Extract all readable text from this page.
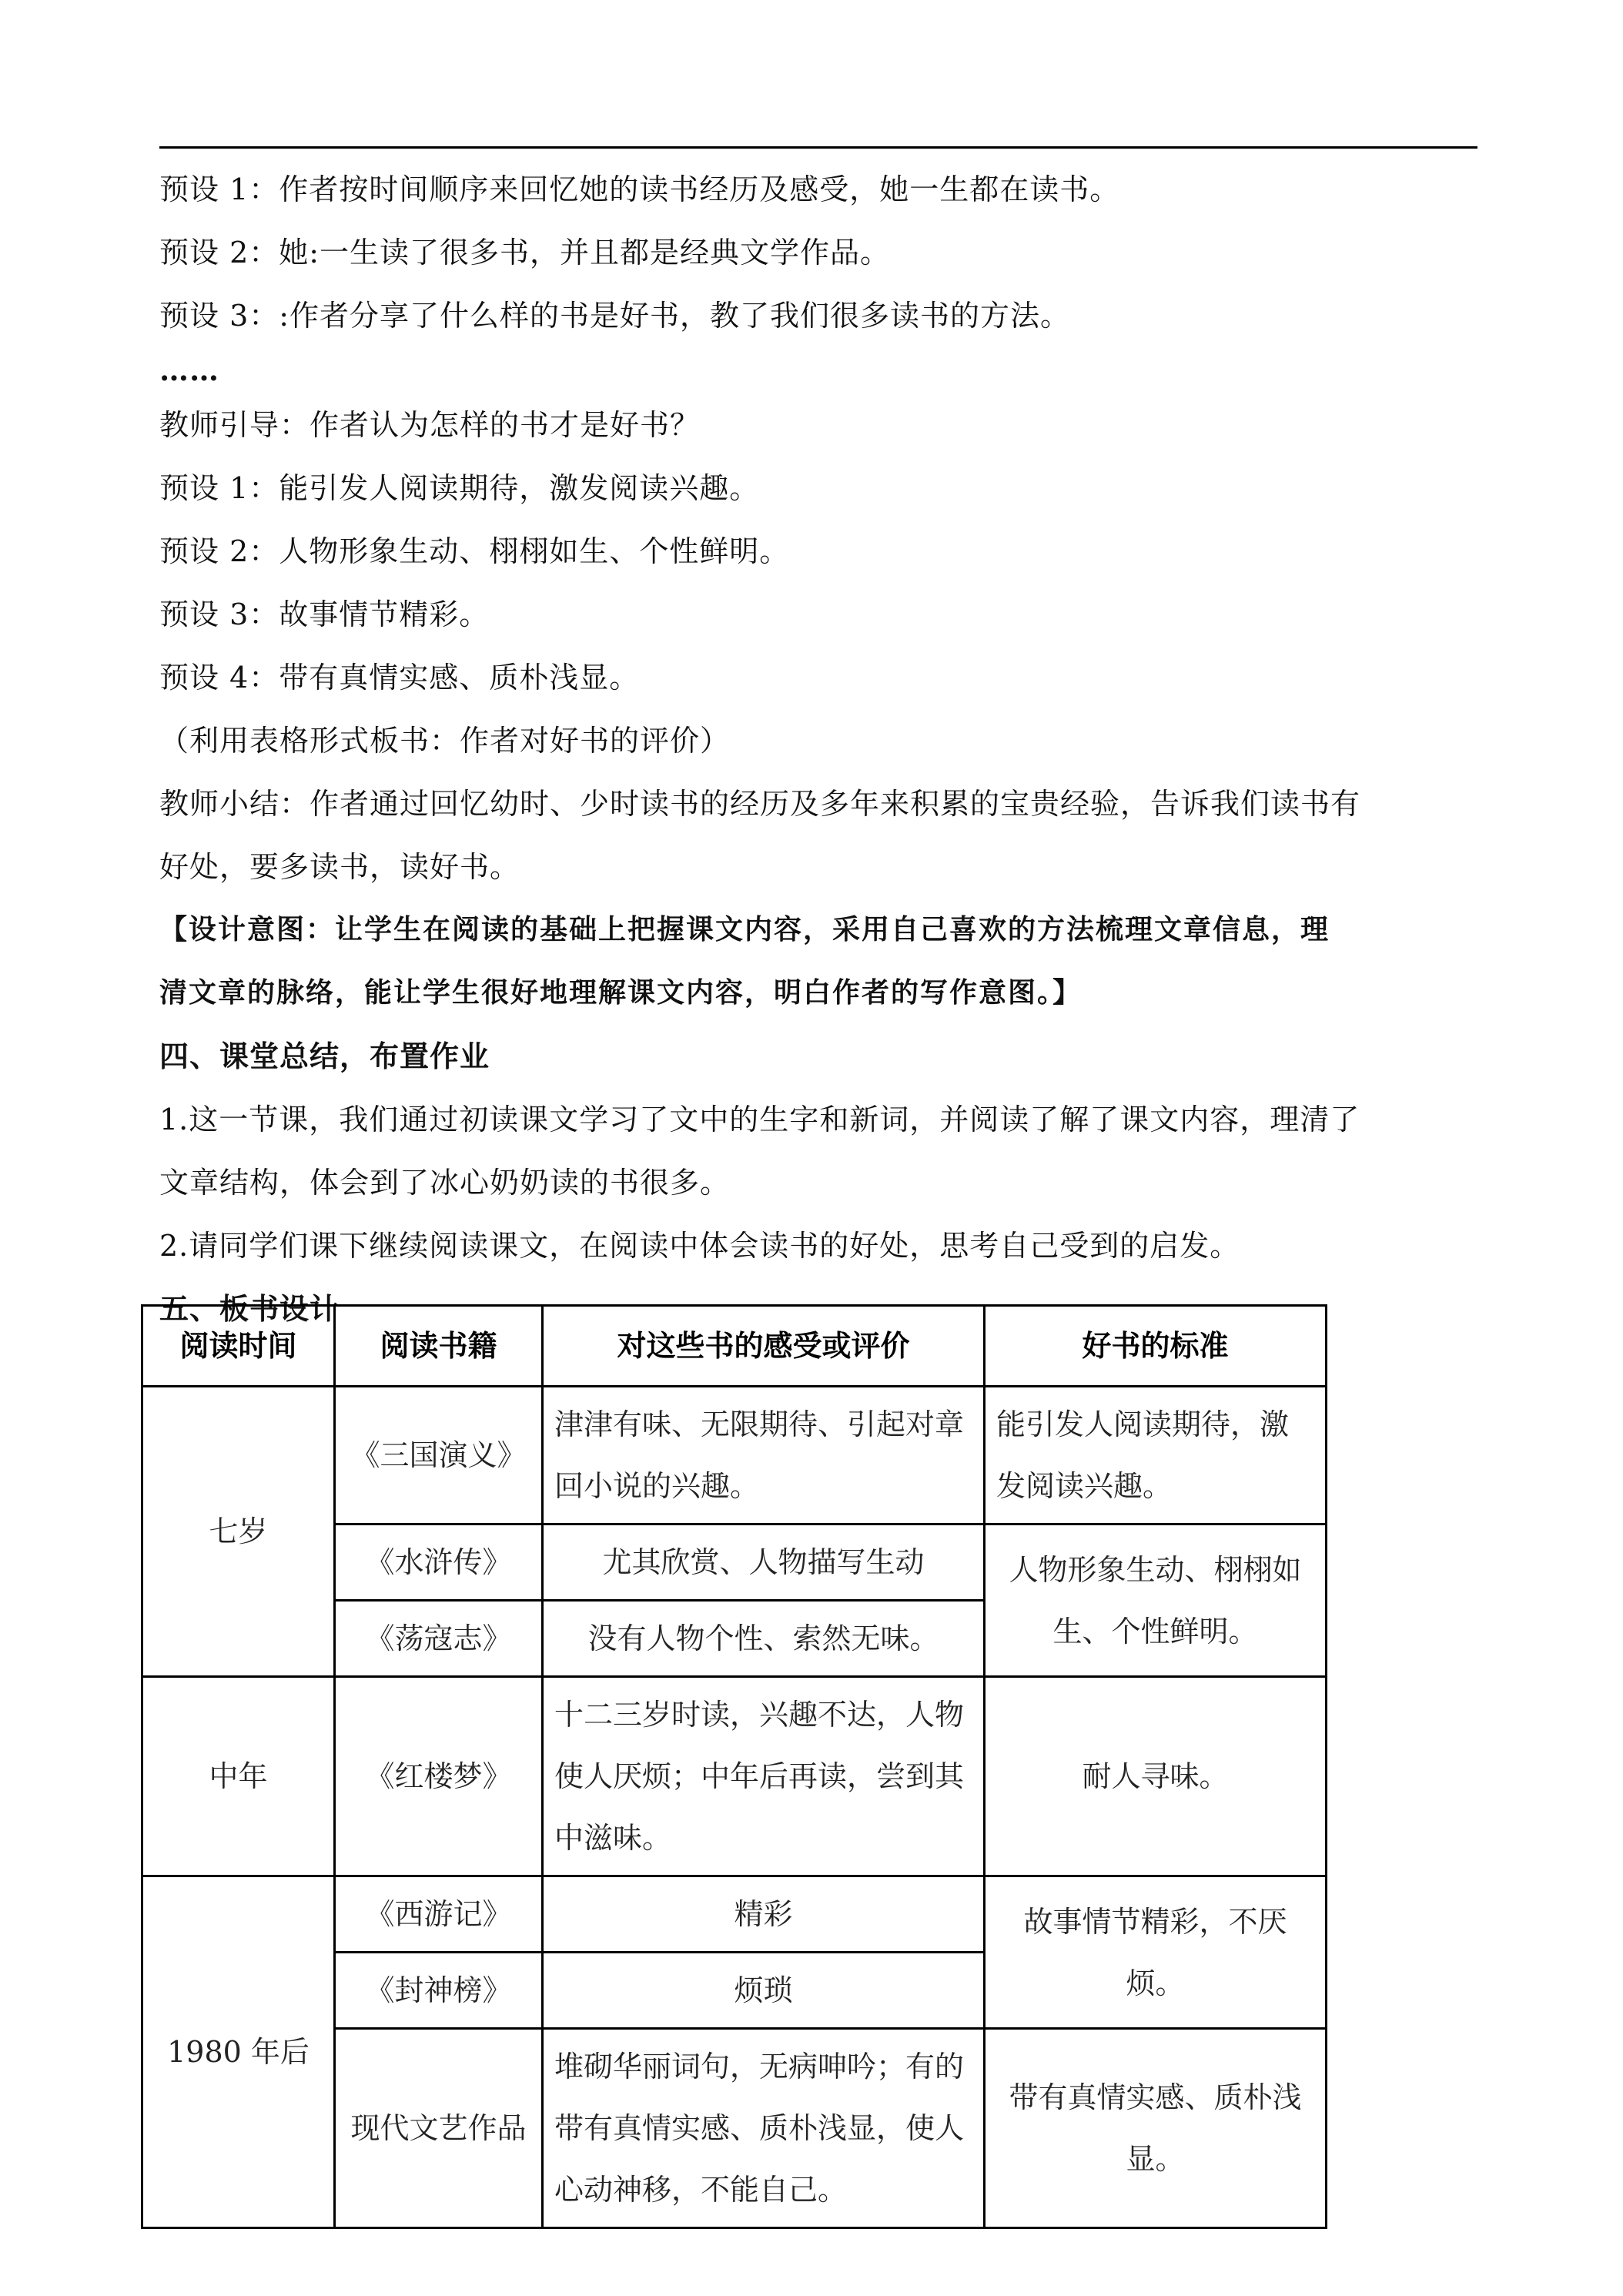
预设 1：作者按时间顺序来回忆她的读书经历及感受，她一生都在读书。
预设 2：她:一生读了很多书，并且都是经典文学作品。
预设 3：:作者分享了什么样的书是好书，教了我们很多读书的方法。
……
教师引导：作者认为怎样的书才是好书？
预设 1：能引发人阅读期待，激发阅读兴趣。
预设 2：人物形象生动、栩栩如生、个性鲜明。
预设 3：故事情节精彩。
预设 4：带有真情实感、质朴浅显。
（利用表格形式板书：作者对好书的评价）
教师小结：作者通过回忆幼时、少时读书的经历及多年来积累的宝贵经验，告诉我们读书有
好处，要多读书，读好书。
【设计意图：让学生在阅读的基础上把握课文内容，采用自己喜欢的方法梳理文章信息，理
清文章的脉络，能让学生很好地理解课文内容，明白作者的写作意图。】
四、课堂总结，布置作业
1.这一节课，我们通过初读课文学习了文中的生字和新词，并阅读了解了课文内容，理清了
文章结构，体会到了冰心奶奶读的书很多。
2.请同学们课下继续阅读课文，在阅读中体会读书的好处，思考自己受到的启发。
五、板书设计
阅读时间	阅读书籍	对这些书的感受或评价	好书的标准
七岁	《三国演义》	津津有味、无限期待、引起对章回小说的兴趣。	能引发人阅读期待，激发阅读兴趣。
	《水浒传》	尤其欣赏、人物描写生动	人物形象生动、栩栩如生、个性鲜明。
	《荡寇志》	没有人物个性、索然无味。	
中年	《红楼梦》	十二三岁时读，兴趣不达，人物使人厌烦；中年后再读，尝到其中滋味。	耐人寻味。
1980 年后	《西游记》	精彩	故事情节精彩，不厌烦。
	《封神榜》	烦琐	
	现代文艺作品	堆砌华丽词句，无病呻吟；有的带有真情实感、质朴浅显，使人心动神移，不能自己。	带有真情实感、质朴浅显。
